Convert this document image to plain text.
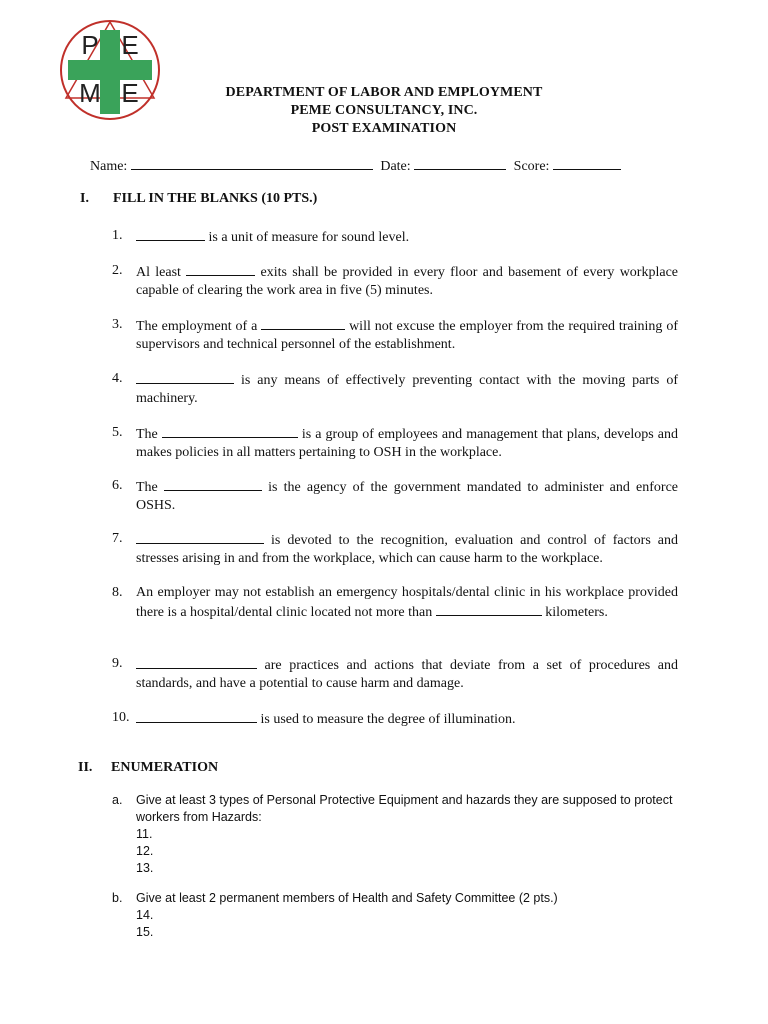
P E
M E	DEPARTMENT OF LABOR AND EMPLOYMENT
PEME CONSULTANCY, INC.
POST EXAMINATION
Name:	Date:	Score:
I. FILL IN THE BLANKS (10 PTS.)
1.	is a unit of measure for sound level.
2. Al least	exits shall be provided in every floor and basement of every workplace capable of clearing the work area in five (5) minutes.
3. The employment of a	will not excuse the employer from the required training of supervisors and technical personnel of the establishment.
4.	is any means of effectively preventing contact with the moving parts of machinery.
5. The	is a group of employees and management that plans, develops and makes policies in all matters pertaining to OSH in the workplace.
6. The	is the agency of the government mandated to administer and enforce OSHS.
7.	is devoted to the recognition, evaluation and control of factors and stresses arising in and from the workplace, which can cause harm to the workplace.
8. An employer may not establish an emergency hospitals/dental clinic in his workplace provided there is a hospital/dental clinic located not more than	kilometers.
9.	are practices and actions that deviate from a set of procedures and standards, and have a potential to cause harm and damage.
10.	is used to measure the degree of illumination.
II. ENUMERATION
a. Give at least 3 types of Personal Protective Equipment and hazards they are supposed to protect workers from Hazards:
11.
12.
13.
b. Give at least 2 permanent members of Health and Safety Committee (2 pts.)
14.
15.
